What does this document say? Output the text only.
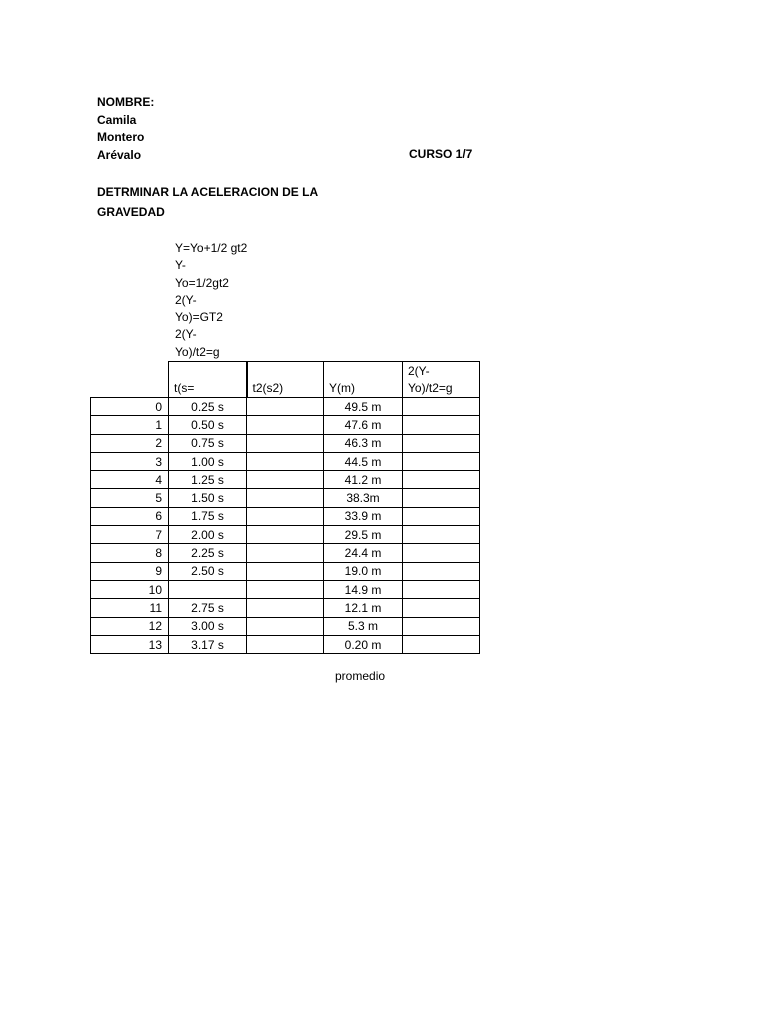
NOMBRE:
Camila
Montero
Arévalo	CURSO 1/7
DETRMINAR LA ACELERACION DE LA
GRAVEDAD
Y=Yo+1/2 gt2
Y-
Yo=1/2gt2
2(Y-
Yo)=GT2
2(Y-
Yo)/t2=g
	t(s=	t2(s2)	Y(m)	2(Y-
Yo)/t2=g

0	0.25 s		49.5 m	
1	0.50 s		47.6 m	
2	0.75 s		46.3 m	
3	1.00 s		44.5 m	
4	1.25 s		41.2 m	
5	1.50 s		38.3m	
6	1.75 s		33.9 m	
7	2.00 s		29.5 m	
8	2.25 s		24.4 m	
9	2.50 s		19.0 m	
10			14.9 m	
11	2.75 s		12.1 m	
12	3.00 s		5.3 m	
13	3.17 s		0.20 m	
promedio
